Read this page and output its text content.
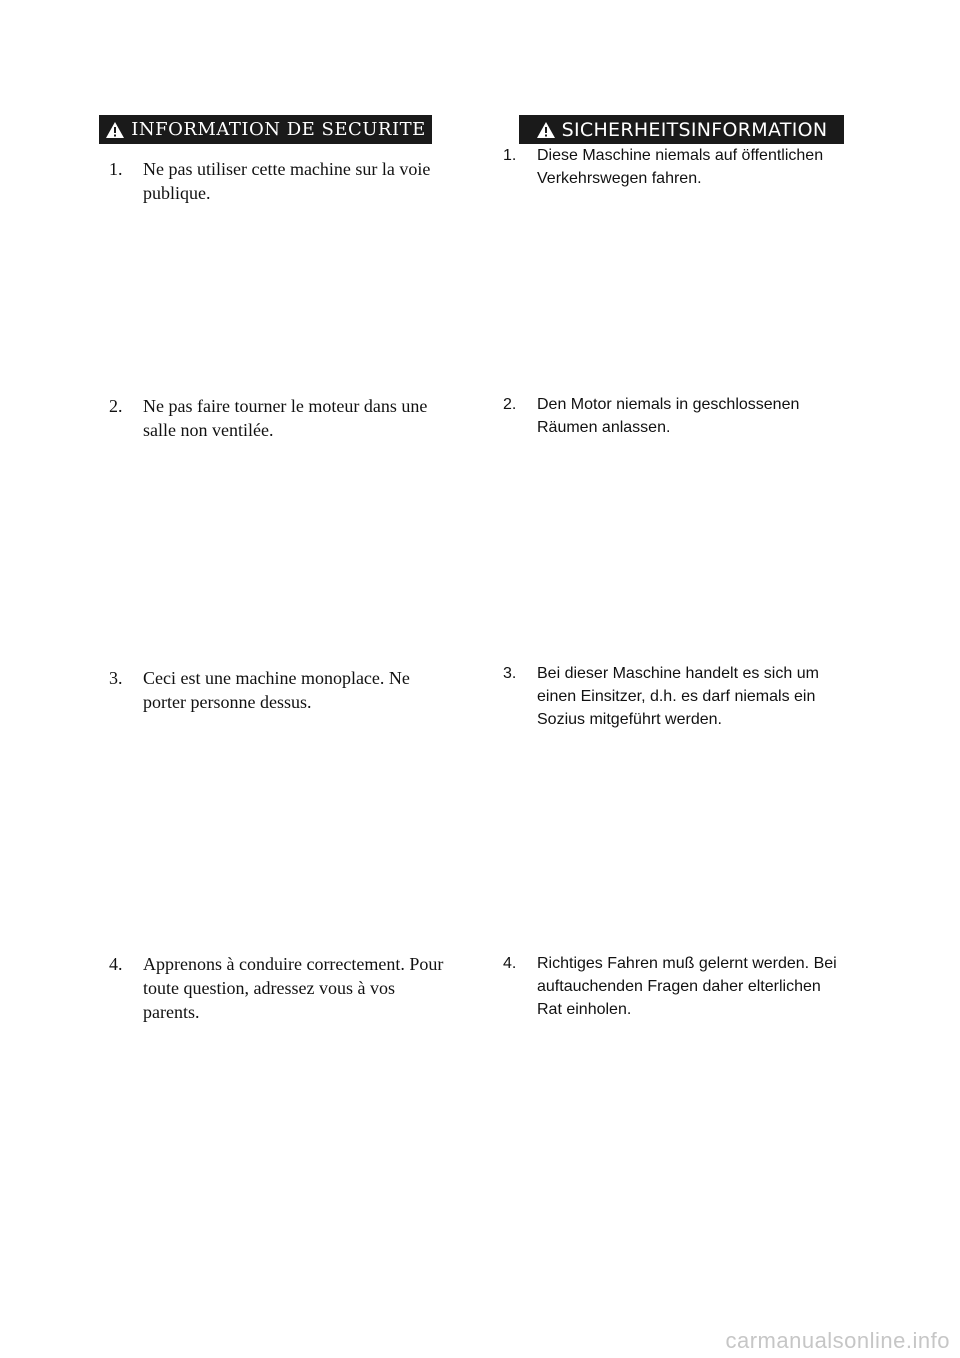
INFORMATION DE SECURITE	SICHERHEITSINFORMATION
1. Ne pas utiliser cette machine sur la voie publique.
2. Ne pas faire tourner le moteur dans une salle non ventilée.
3. Ceci est une machine monoplace. Ne porter personne dessus.
4. Apprenons à conduire correctement. Pour toute question, adressez vous à vos parents.
1. Diese Maschine niemals auf öffentlichen Verkehrswegen fahren.
2. Den Motor niemals in geschlossenen Räumen anlassen.
3. Bei dieser Maschine handelt es sich um einen Einsitzer, d.h. es darf niemals ein Sozius mitgeführt werden.
4. Richtiges Fahren muß gelernt werden. Bei auftauchenden Fragen daher elterlichen Rat einholen.
carmanualsonline.info
